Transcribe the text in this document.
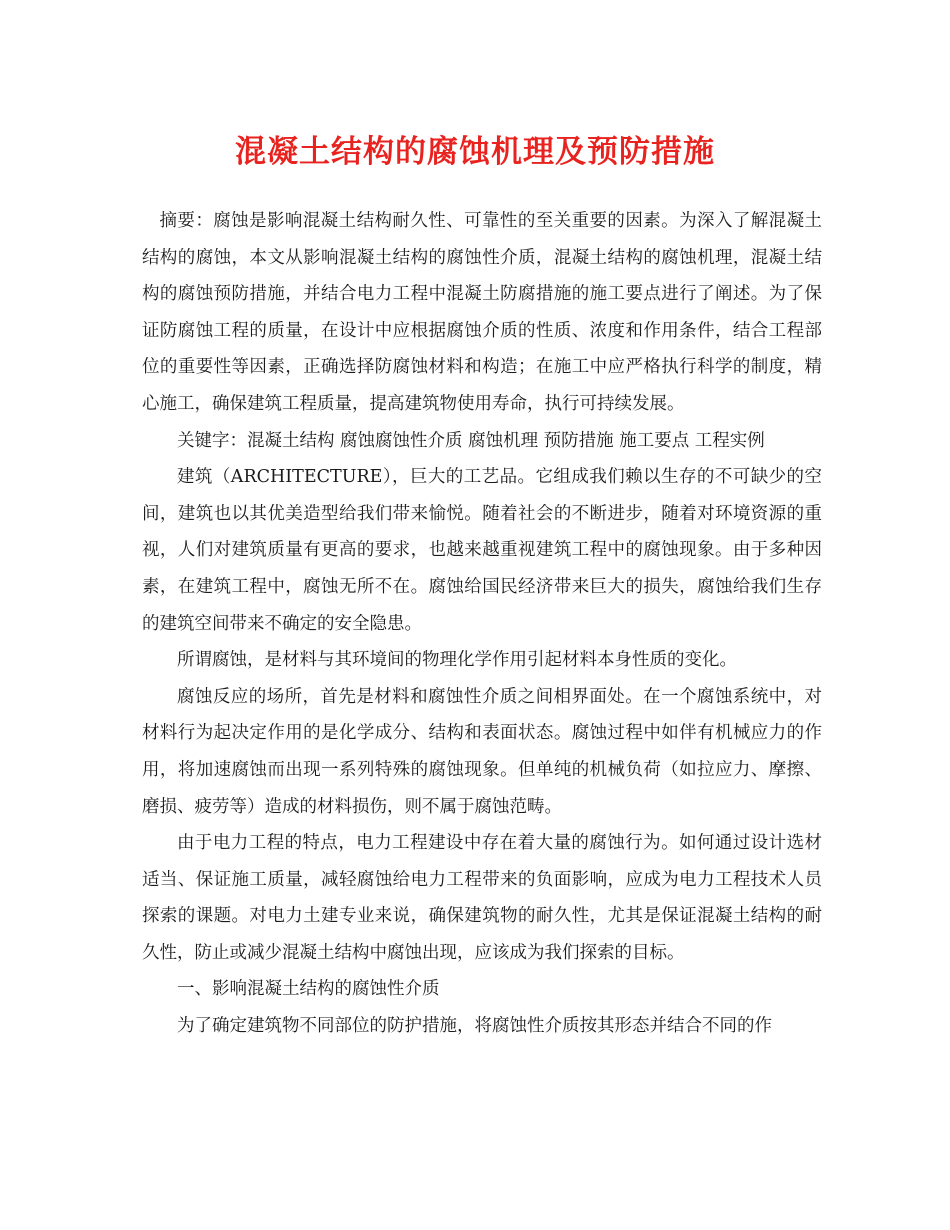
混凝土结构的腐蚀机理及预防措施

摘要：腐蚀是影响混凝土结构耐久性、可靠性的至关重要的因素。为深入了解混凝土结构的腐蚀，本文从影响混凝土结构的腐蚀性介质，混凝土结构的腐蚀机理，混凝土结构的腐蚀预防措施，并结合电力工程中混凝土防腐措施的施工要点进行了阐述。为了保证防腐蚀工程的质量，在设计中应根据腐蚀介质的性质、浓度和作用条件，结合工程部位的重要性等因素，正确选择防腐蚀材料和构造；在施工中应严格执行科学的制度，精心施工，确保建筑工程质量，提高建筑物使用寿命，执行可持续发展。

关键字：混凝土结构 腐蚀腐蚀性介质 腐蚀机理 预防措施 施工要点 工程实例

建筑（ARCHITECTURE），巨大的工艺品。它组成我们赖以生存的不可缺少的空间，建筑也以其优美造型给我们带来愉悦。随着社会的不断进步，随着对环境资源的重视，人们对建筑质量有更高的要求，也越来越重视建筑工程中的腐蚀现象。由于多种因素，在建筑工程中，腐蚀无所不在。腐蚀给国民经济带来巨大的损失，腐蚀给我们生存的建筑空间带来不确定的安全隐患。

所谓腐蚀，是材料与其环境间的物理化学作用引起材料本身性质的变化。

腐蚀反应的场所，首先是材料和腐蚀性介质之间相界面处。在一个腐蚀系统中，对材料行为起决定作用的是化学成分、结构和表面状态。腐蚀过程中如伴有机械应力的作用，将加速腐蚀而出现一系列特殊的腐蚀现象。但单纯的机械负荷（如拉应力、摩擦、磨损、疲劳等）造成的材料损伤，则不属于腐蚀范畴。

由于电力工程的特点，电力工程建设中存在着大量的腐蚀行为。如何通过设计选材适当、保证施工质量，减轻腐蚀给电力工程带来的负面影响，应成为电力工程技术人员探索的课题。对电力土建专业来说，确保建筑物的耐久性，尤其是保证混凝土结构的耐久性，防止或减少混凝土结构中腐蚀出现，应该成为我们探索的目标。

一、影响混凝土结构的腐蚀性介质

为了确定建筑物不同部位的防护措施，将腐蚀性介质按其形态并结合不同的作
